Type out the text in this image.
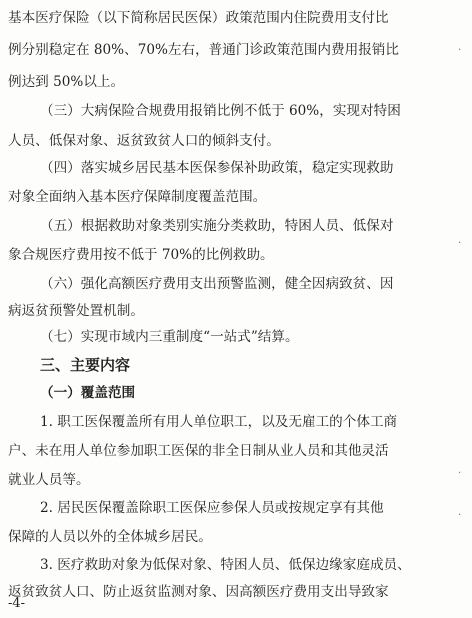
基本医疗保险（以下简称居民医保）政策范围内住院费用支付比
例分别稳定在 80%、70%左右，普通门诊政策范围内费用报销比
例达到 50%以上。
（三）大病保险合规费用报销比例不低于 60%，实现对特困
人员、低保对象、返贫致贫人口的倾斜支付。
（四）落实城乡居民基本医保参保补助政策，稳定实现救助
对象全面纳入基本医疗保障制度覆盖范围。
（五）根据救助对象类别实施分类救助，特困人员、低保对
象合规医疗费用按不低于 70%的比例救助。
（六）强化高额医疗费用支出预警监测，健全因病致贫、因
病返贫预警处置机制。
（七）实现市域内三重制度“一站式”结算。
三、主要内容
（一）覆盖范围
1. 职工医保覆盖所有用人单位职工，以及无雇工的个体工商
户、未在用人单位参加职工医保的非全日制从业人员和其他灵活
就业人员等。
2. 居民医保覆盖除职工医保应参保人员或按规定享有其他
保障的人员以外的全体城乡居民。
3. 医疗救助对象为低保对象、特困人员、低保边缘家庭成员、
返贫致贫人口、防止返贫监测对象、因高额医疗费用支出导致家
-4-
·
·
·
·
